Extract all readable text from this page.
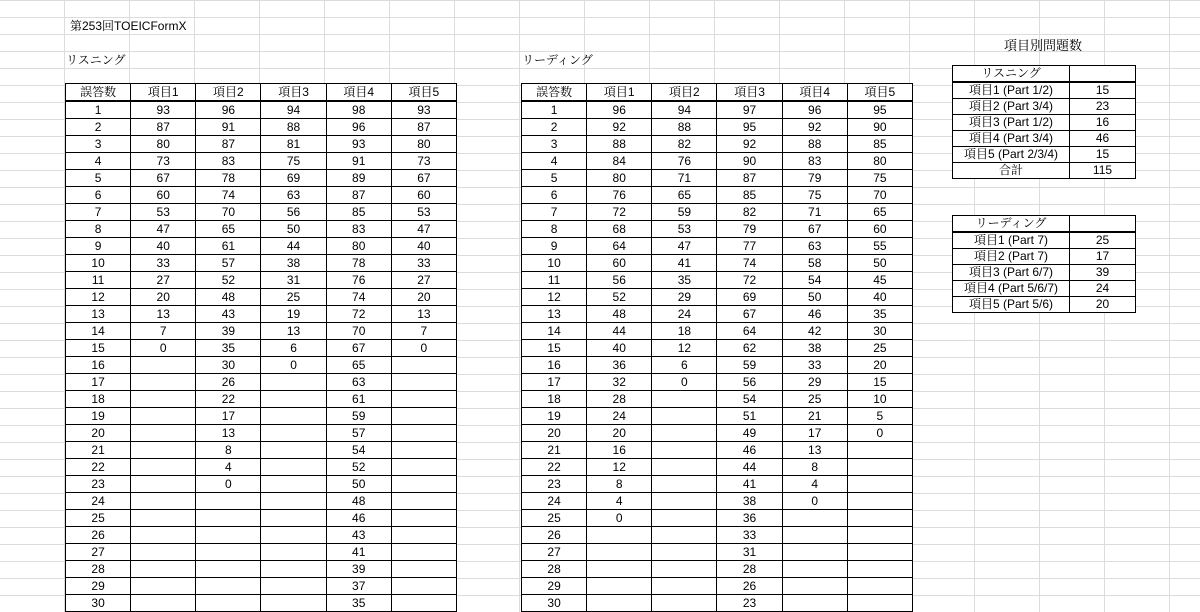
第253回TOEICFormX
リスニング	リーディング
誤答数	項目1	項目2	項目3	項目4	項目5
1	93	96	94	98	93
2	87	91	88	96	87
3	80	87	81	93	80
4	73	83	75	91	73
5	67	78	69	89	67
6	60	74	63	87	60
7	53	70	56	85	53
8	47	65	50	83	47
9	40	61	44	80	40
10	33	57	38	78	33
11	27	52	31	76	27
12	20	48	25	74	20
13	13	43	19	72	13
14	7	39	13	70	7
15	0	35	6	67	0
16		30	0	65	
17		26		63	
18		22		61	
19		17		59	
20		13		57	
21		8		54	
22		4		52	
23		0		50	
24				48	
25				46	
26				43	
27				41	
28				39	
29				37	
30				35	
誤答数	項目1	項目2	項目3	項目4	項目5
1	96	94	97	96	95
2	92	88	95	92	90
3	88	82	92	88	85
4	84	76	90	83	80
5	80	71	87	79	75
6	76	65	85	75	70
7	72	59	82	71	65
8	68	53	79	67	60
9	64	47	77	63	55
10	60	41	74	58	50
11	56	35	72	54	45
12	52	29	69	50	40
13	48	24	67	46	35
14	44	18	64	42	30
15	40	12	62	38	25
16	36	6	59	33	20
17	32	0	56	29	15
18	28		54	25	10
19	24		51	21	5
20	20		49	17	0
21	16		46	13	
22	12		44	8	
23	8		41	4	
24	4		38	0	
25	0		36		
26			33		
27			31		
28			28		
29			26		
30			23		
項目別問題数
リスニング	
項目1 (Part 1/2)	15
項目2 (Part 3/4)	23
項目3 (Part 1/2)	16
項目4 (Part 3/4)	46
項目5 (Part 2/3/4)	15
合計	115
リーディング	
項目1 (Part 7)	25
項目2 (Part 7)	17
項目3 (Part 6/7)	39
項目4 (Part 5/6/7)	24
項目5 (Part 5/6)	20
